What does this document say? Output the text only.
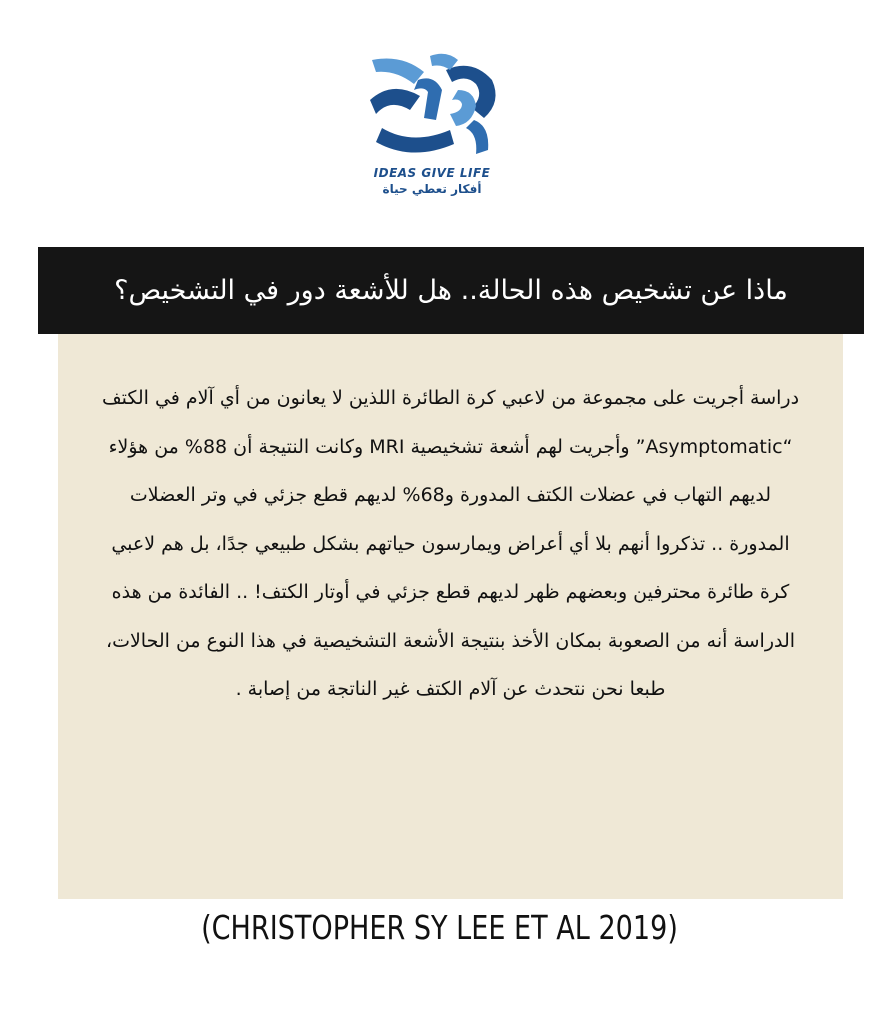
IDEAS GIVE LIFE
أفكار تعطي حياة
ماذا عن تشخيص هذه الحالة.. هل للأشعة دور في التشخيص؟
دراسة أجريت على مجموعة من لاعبي كرة الطائرة اللذين لا يعانون من أي آلام في الكتف “Asymptomatic” وأجريت لهم أشعة تشخيصية MRI وكانت النتيجة أن 88% من هؤلاء لديهم التهاب في عضلات الكتف المدورة و68% لديهم قطع جزئي في وتر العضلات المدورة .. تذكروا أنهم بلا أي أعراض ويمارسون حياتهم بشكل طبيعي جدًا، بل هم لاعبي كرة طائرة محترفين وبعضهم ظهر لديهم قطع جزئي في أوتار الكتف! .. الفائدة من هذه الدراسة أنه من الصعوبة بمكان الأخذ بنتيجة الأشعة التشخيصية في هذا النوع من الحالات، طبعا نحن نتحدث عن آلام الكتف غير الناتجة من إصابة .
(CHRISTOPHER SY LEE ET AL 2019)
